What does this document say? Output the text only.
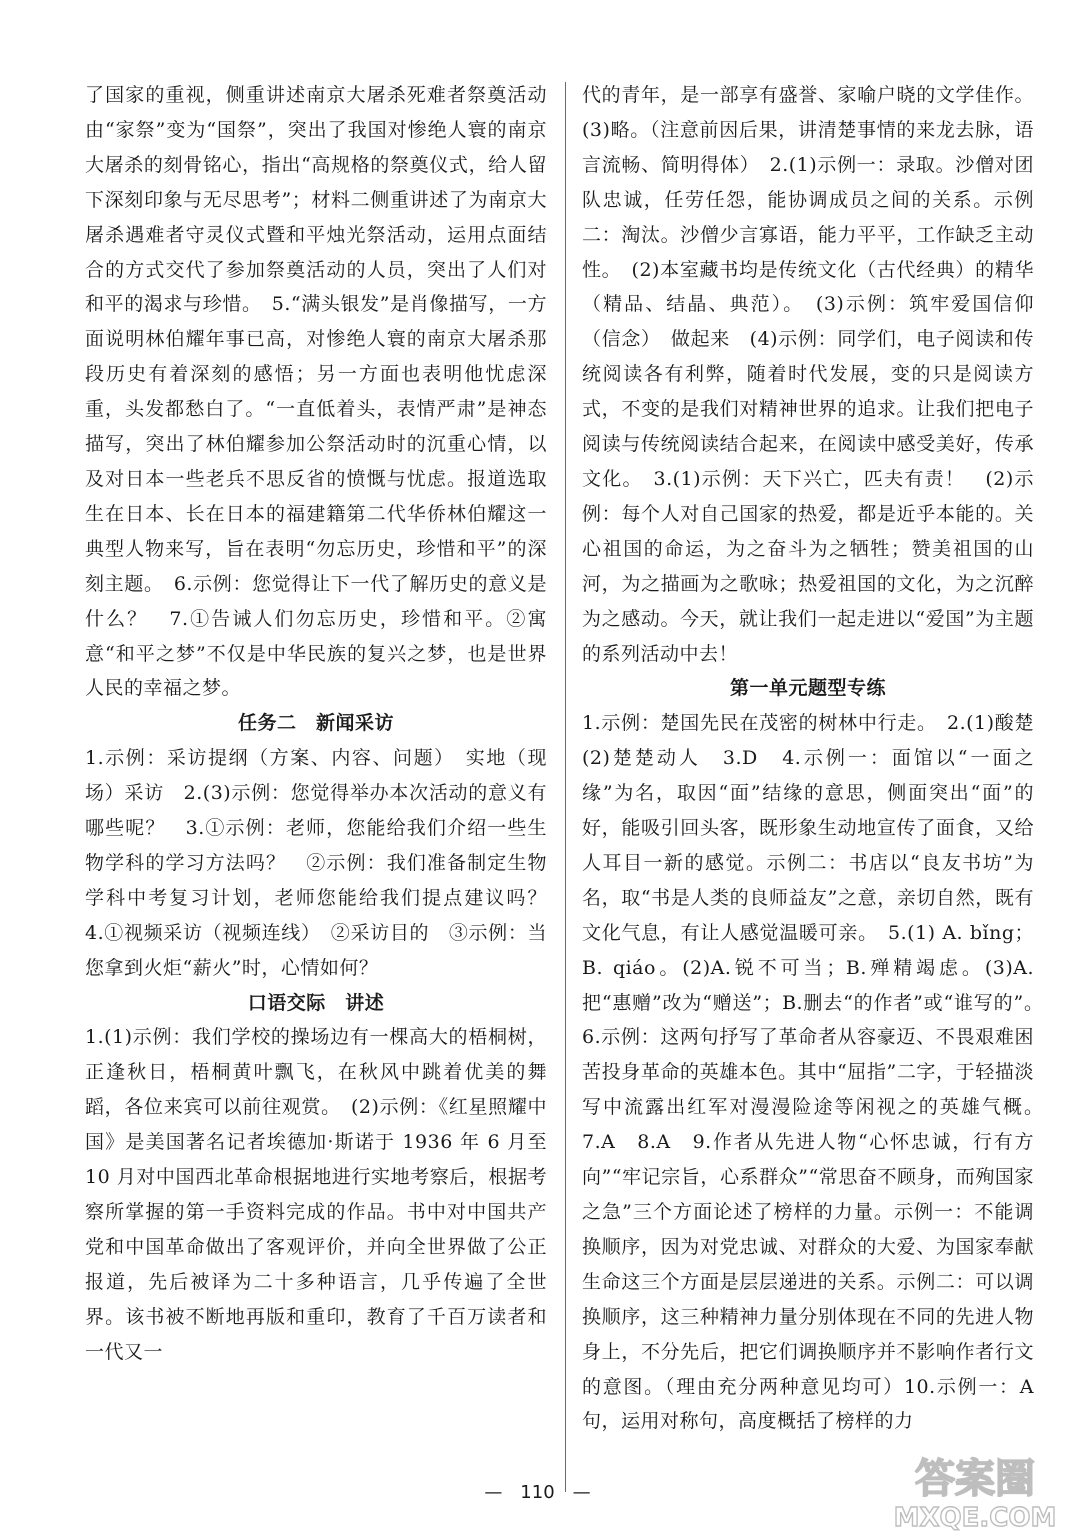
了国家的重视，侧重讲述南京大屠杀死难者祭奠活动由“家祭”变为“国祭”，突出了我国对惨绝人寰的南京大屠杀的刻骨铭心，指出“高规格的祭奠仪式，给人留下深刻印象与无尽思考”；材料二侧重讲述了为南京大屠杀遇难者守灵仪式暨和平烛光祭活动，运用点面结合的方式交代了参加祭奠活动的人员，突出了人们对和平的渴求与珍惜。　5.“满头银发”是肖像描写，一方面说明林伯耀年事已高，对惨绝人寰的南京大屠杀那段历史有着深刻的感悟；另一方面也表明他忧虑深重，头发都愁白了。“一直低着头，表情严肃”是神态描写，突出了林伯耀参加公祭活动时的沉重心情，以及对日本一些老兵不思反省的愤慨与忧虑。报道选取生在日本、长在日本的福建籍第二代华侨林伯耀这一典型人物来写，旨在表明“勿忘历史，珍惜和平”的深刻主题。　6.示例：您觉得让下一代了解历史的意义是什么？　7.①告诫人们勿忘历史，珍惜和平。②寓意“和平之梦”不仅是中华民族的复兴之梦，也是世界人民的幸福之梦。

任务二　新闻采访

1.示例：采访提纲（方案、内容、问题）　实地（现场）采访　2.(3)示例：您觉得举办本次活动的意义有哪些呢？　3.①示例：老师，您能给我们介绍一些生物学科的学习方法吗？　②示例：我们准备制定生物学科中考复习计划，老师您能给我们提点建议吗？　4.①视频采访（视频连线）　②采访目的　③示例：当您拿到火炬“薪火”时，心情如何？

口语交际　讲述

1.(1)示例：我们学校的操场边有一棵高大的梧桐树，正逢秋日，梧桐黄叶飘飞，在秋风中跳着优美的舞蹈，各位来宾可以前往观赏。　(2)示例：《红星照耀中国》是美国著名记者埃德加·斯诺于 1936 年 6 月至 10 月对中国西北革命根据地进行实地考察后，根据考察所掌握的第一手资料完成的作品。书中对中国共产党和中国革命做出了客观评价，并向全世界做了公正报道，先后被译为二十多种语言，几乎传遍了全世界。该书被不断地再版和重印，教育了千百万读者和一代又一

代的青年，是一部享有盛誉、家喻户晓的文学佳作。(3)略。（注意前因后果，讲清楚事情的来龙去脉，语言流畅、简明得体）　2.(1)示例一：录取。沙僧对团队忠诚，任劳任怨，能协调成员之间的关系。示例二：淘汰。沙僧少言寡语，能力平平，工作缺乏主动性。　(2)本室藏书均是传统文化（古代经典）的精华（精品、结晶、典范）。　(3)示例：筑牢爱国信仰（信念）　做起来　(4)示例：同学们，电子阅读和传统阅读各有利弊，随着时代发展，变的只是阅读方式，不变的是我们对精神世界的追求。让我们把电子阅读与传统阅读结合起来，在阅读中感受美好，传承文化。　3.(1)示例：天下兴亡，匹夫有责！　(2)示例：每个人对自己国家的热爱，都是近乎本能的。关心祖国的命运，为之奋斗为之牺牲；赞美祖国的山河，为之描画为之歌咏；热爱祖国的文化，为之沉醉为之感动。今天，就让我们一起走进以“爱国”为主题的系列活动中去！

第一单元题型专练

1.示例：楚国先民在茂密的树林中行走。　2.(1)酸楚(2)楚楚动人　3.D　4.示例一：面馆以“一面之缘”为名，取因“面”结缘的意思，侧面突出“面”的好，能吸引回头客，既形象生动地宣传了面食，又给人耳目一新的感觉。示例二：书店以“良友书坊”为名，取“书是人类的良师益友”之意，亲切自然，既有文化气息，有让人感觉温暖可亲。　5.(1) A. bǐng；B. qiáo。(2)A.锐不可当；B.殚精竭虑。(3)A.把“惠赠”改为“赠送”；B.删去“的作者”或“谁写的”。　6.示例：这两句抒写了革命者从容豪迈、不畏艰难困苦投身革命的英雄本色。其中“屈指”二字，于轻描淡写中流露出红军对漫漫险途等闲视之的英雄气概。　7.A　8.A　9.作者从先进人物“心怀忠诚，行有方向”“牢记宗旨，心系群众”“常思奋不顾身，而殉国家之急”三个方面论述了榜样的力量。示例一：不能调换顺序，因为对党忠诚、对群众的大爱、为国家奉献生命这三个方面是层层递进的关系。示例二：可以调换顺序，这三种精神力量分别体现在不同的先进人物身上，不分先后，把它们调换顺序并不影响作者行文的意图。（理由充分两种意见均可）10.示例一：A 句，运用对称句，高度概括了榜样的力

—　110　—	答案圈
MXQE.COM
